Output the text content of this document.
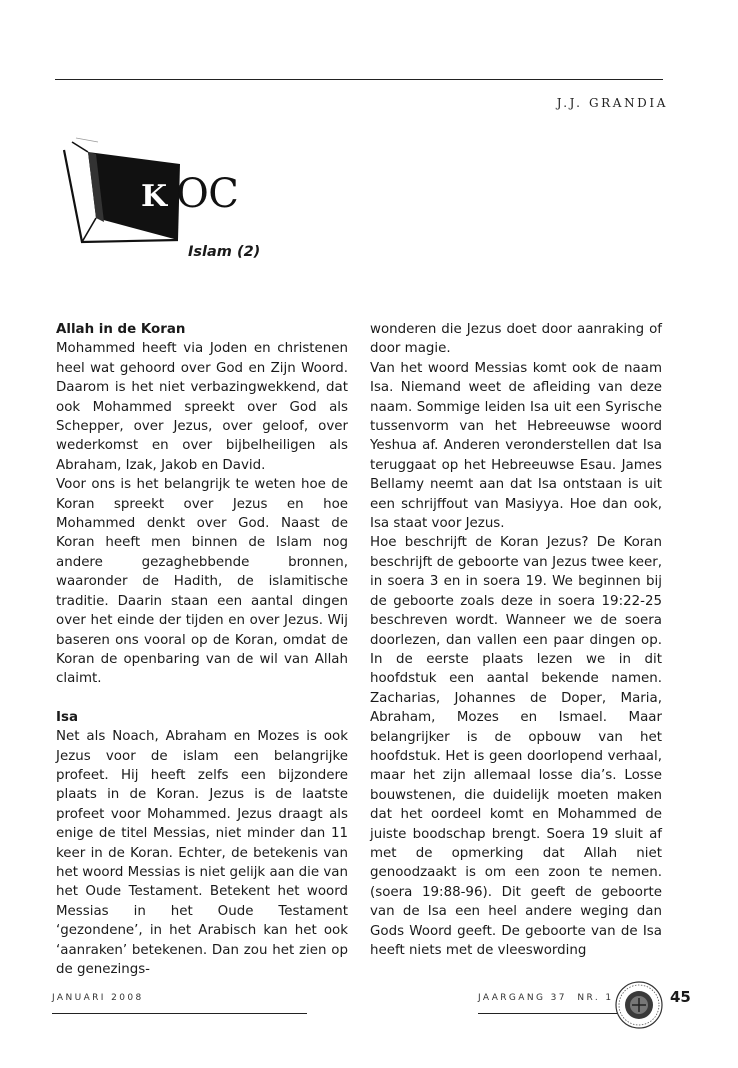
J.J. GRANDIA
K OC
Islam (2)
Allah in de Koran

Mohammed heeft via Joden en christenen heel wat gehoord over God en Zijn Woord. Daarom is het niet verbazingwekkend, dat ook Mohammed spreekt over God als Schepper, over Jezus, over geloof, over wederkomst en over bijbelheiligen als Abraham, Izak, Jakob en David.

Voor ons is het belangrijk te weten hoe de Koran spreekt over Jezus en hoe Mohammed denkt over God. Naast de Koran heeft men binnen de Islam nog andere gezaghebbende bronnen, waaronder de Hadith, de islamitische traditie. Daarin staan een aantal dingen over het einde der tijden en over Jezus. Wij baseren ons vooral op de Koran, omdat de Koran de openbaring van de wil van Allah claimt.

Isa

Net als Noach, Abraham en Mozes is ook Jezus voor de islam een belangrijke profeet. Hij heeft zelfs een bijzondere plaats in de Koran. Jezus is de laatste profeet voor Mohammed. Jezus draagt als enige de titel Messias, niet minder dan 11 keer in de Koran. Echter, de betekenis van het woord Messias is niet gelijk aan die van het Oude Testament. Betekent het woord Messias in het Oude Testament ‘gezondene’, in het Arabisch kan het ook ‘aanraken’ betekenen. Dan zou het zien op de genezings-

wonderen die Jezus doet door aanraking of door magie.

Van het woord Messias komt ook de naam Isa. Niemand weet de afleiding van deze naam. Sommige leiden Isa uit een Syrische tussenvorm van het Hebreeuwse woord Yeshua af. Anderen veronderstellen dat Isa teruggaat op het Hebreeuwse Esau. James Bellamy neemt aan dat Isa ontstaan is uit een schrijffout van Masiyya. Hoe dan ook, Isa staat voor Jezus.

Hoe beschrijft de Koran Jezus? De Koran beschrijft de geboorte van Jezus twee keer, in soera 3 en in soera 19. We beginnen bij de geboorte zoals deze in soera 19:22-25 beschreven wordt. Wanneer we de soera doorlezen, dan vallen een paar dingen op. In de eerste plaats lezen we in dit hoofdstuk een aantal bekende namen. Zacharias, Johannes de Doper, Maria, Abraham, Mozes en Ismael. Maar belangrijker is de opbouw van het hoofdstuk. Het is geen doorlopend verhaal, maar het zijn allemaal losse dia’s. Losse bouwstenen, die duidelijk moeten maken dat het oordeel komt en Mohammed de juiste boodschap brengt. Soera 19 sluit af met de opmerking dat Allah niet genoodzaakt is om een zoon te nemen. (soera 19:88-96). Dit geeft de geboorte van de Isa een heel andere weging dan Gods Woord geeft. De geboorte van de Isa heeft niets met de vleeswording

JANUARI 2008	JAARGANG 37  NR. 1	45
